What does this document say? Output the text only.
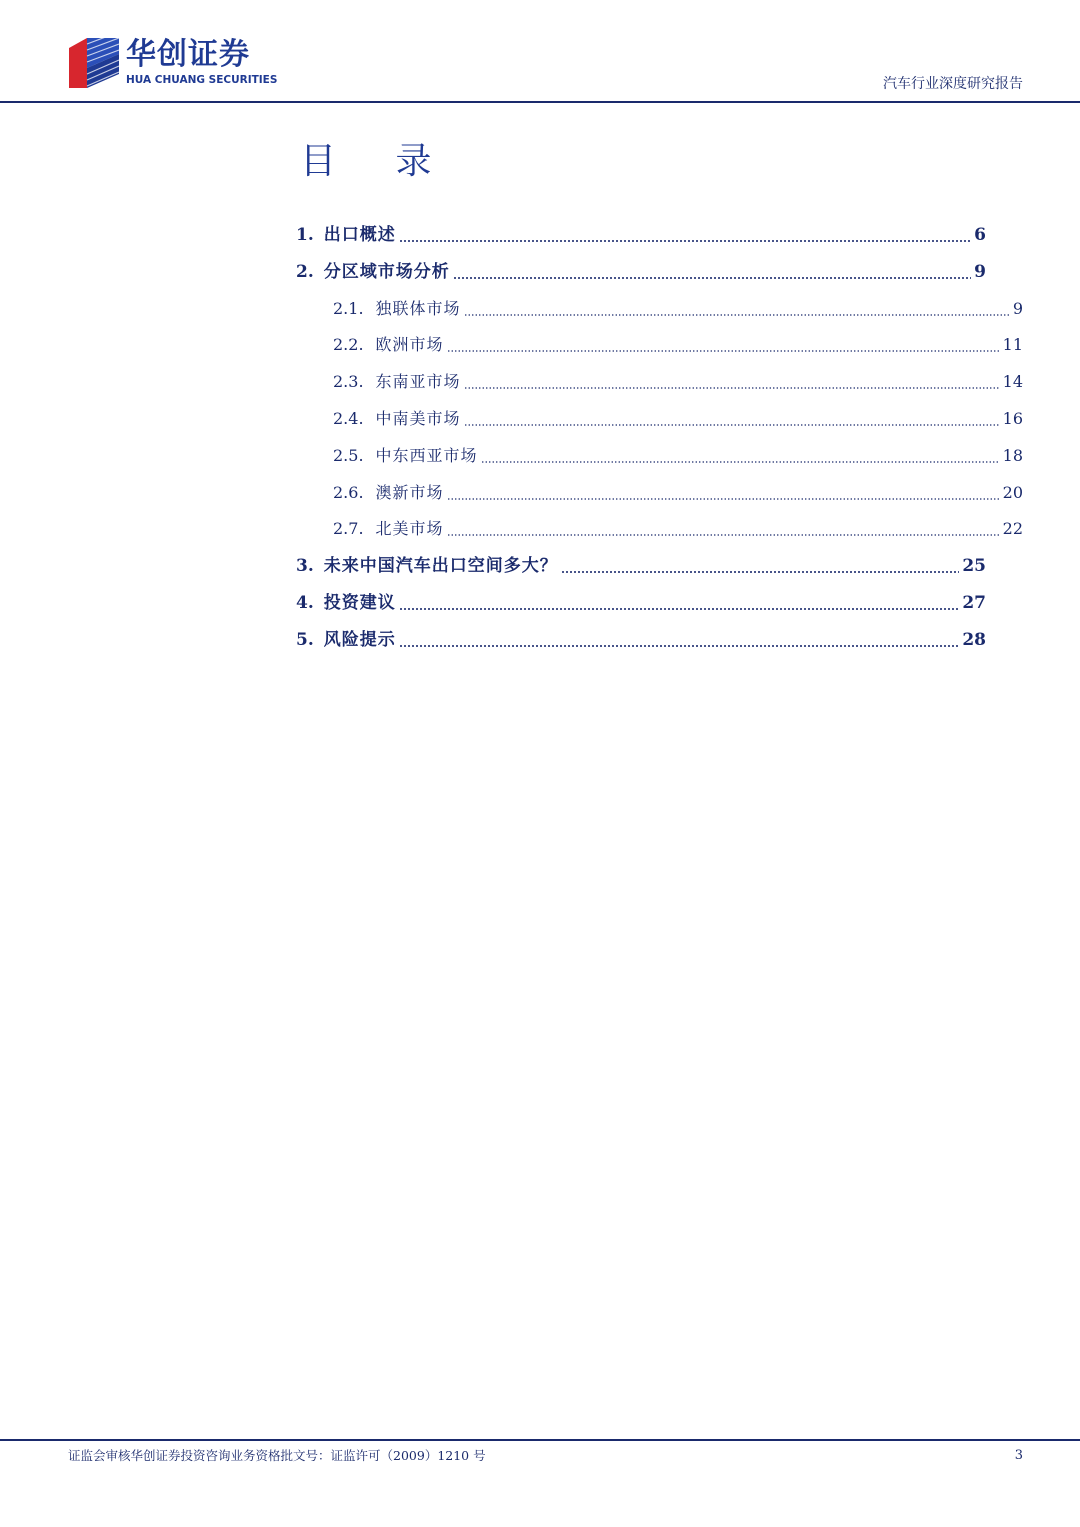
华创证券
HUA CHUANG SECURITIES	汽车行业深度研究报告
目 录
1. 出口概述	6
2. 分区域市场分析	9
2.1. 独联体市场	9
2.2. 欧洲市场	11
2.3. 东南亚市场	14
2.4. 中南美市场	16
2.5. 中东西亚市场	18
2.6. 澳新市场	20
2.7. 北美市场	22
3. 未来中国汽车出口空间多大？	25
4. 投资建议	27
5. 风险提示	28
证监会审核华创证券投资咨询业务资格批文号：证监许可（2009）1210 号	3
